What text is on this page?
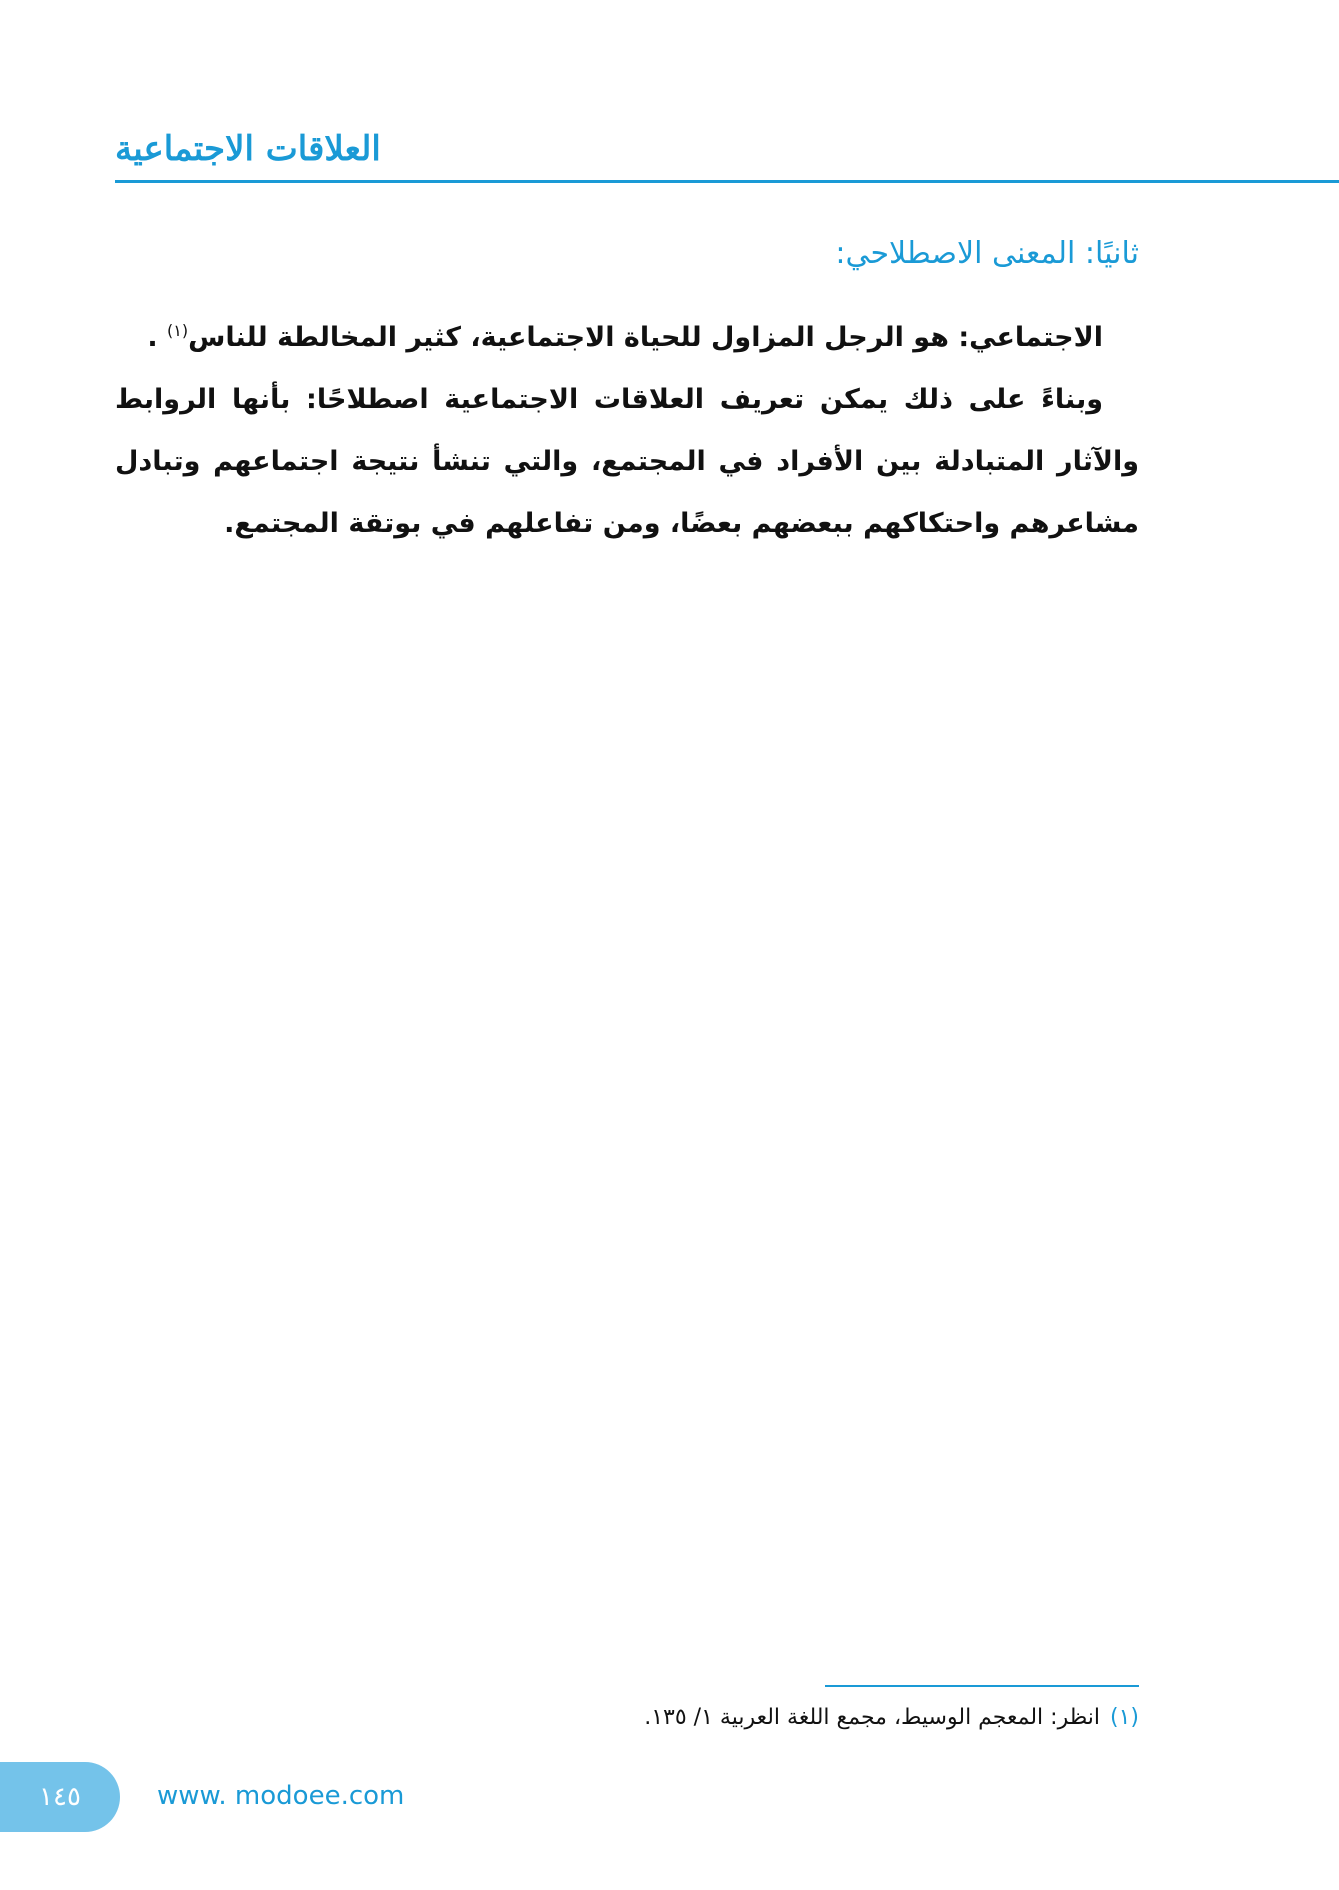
العلاقات الاجتماعية
ثانيًا: المعنى الاصطلاحي:

الاجتماعي: هو الرجل المزاول للحياة الاجتماعية، كثير المخالطة للناس$^{(١)}$ .

وبناءً على ذلك يمكن تعريف العلاقات الاجتماعية اصطلاحًا: بأنها الروابط والآثار المتبادلة بين الأفراد في المجتمع، والتي تنشأ نتيجة اجتماعهم وتبادل مشاعرهم واحتكاكهم ببعضهم بعضًا، ومن تفاعلهم في بوتقة المجتمع.

(١)انظر: المعجم الوسيط، مجمع اللغة العربية ١/ ١٣٥.
١٤٥	www. modoee.com
